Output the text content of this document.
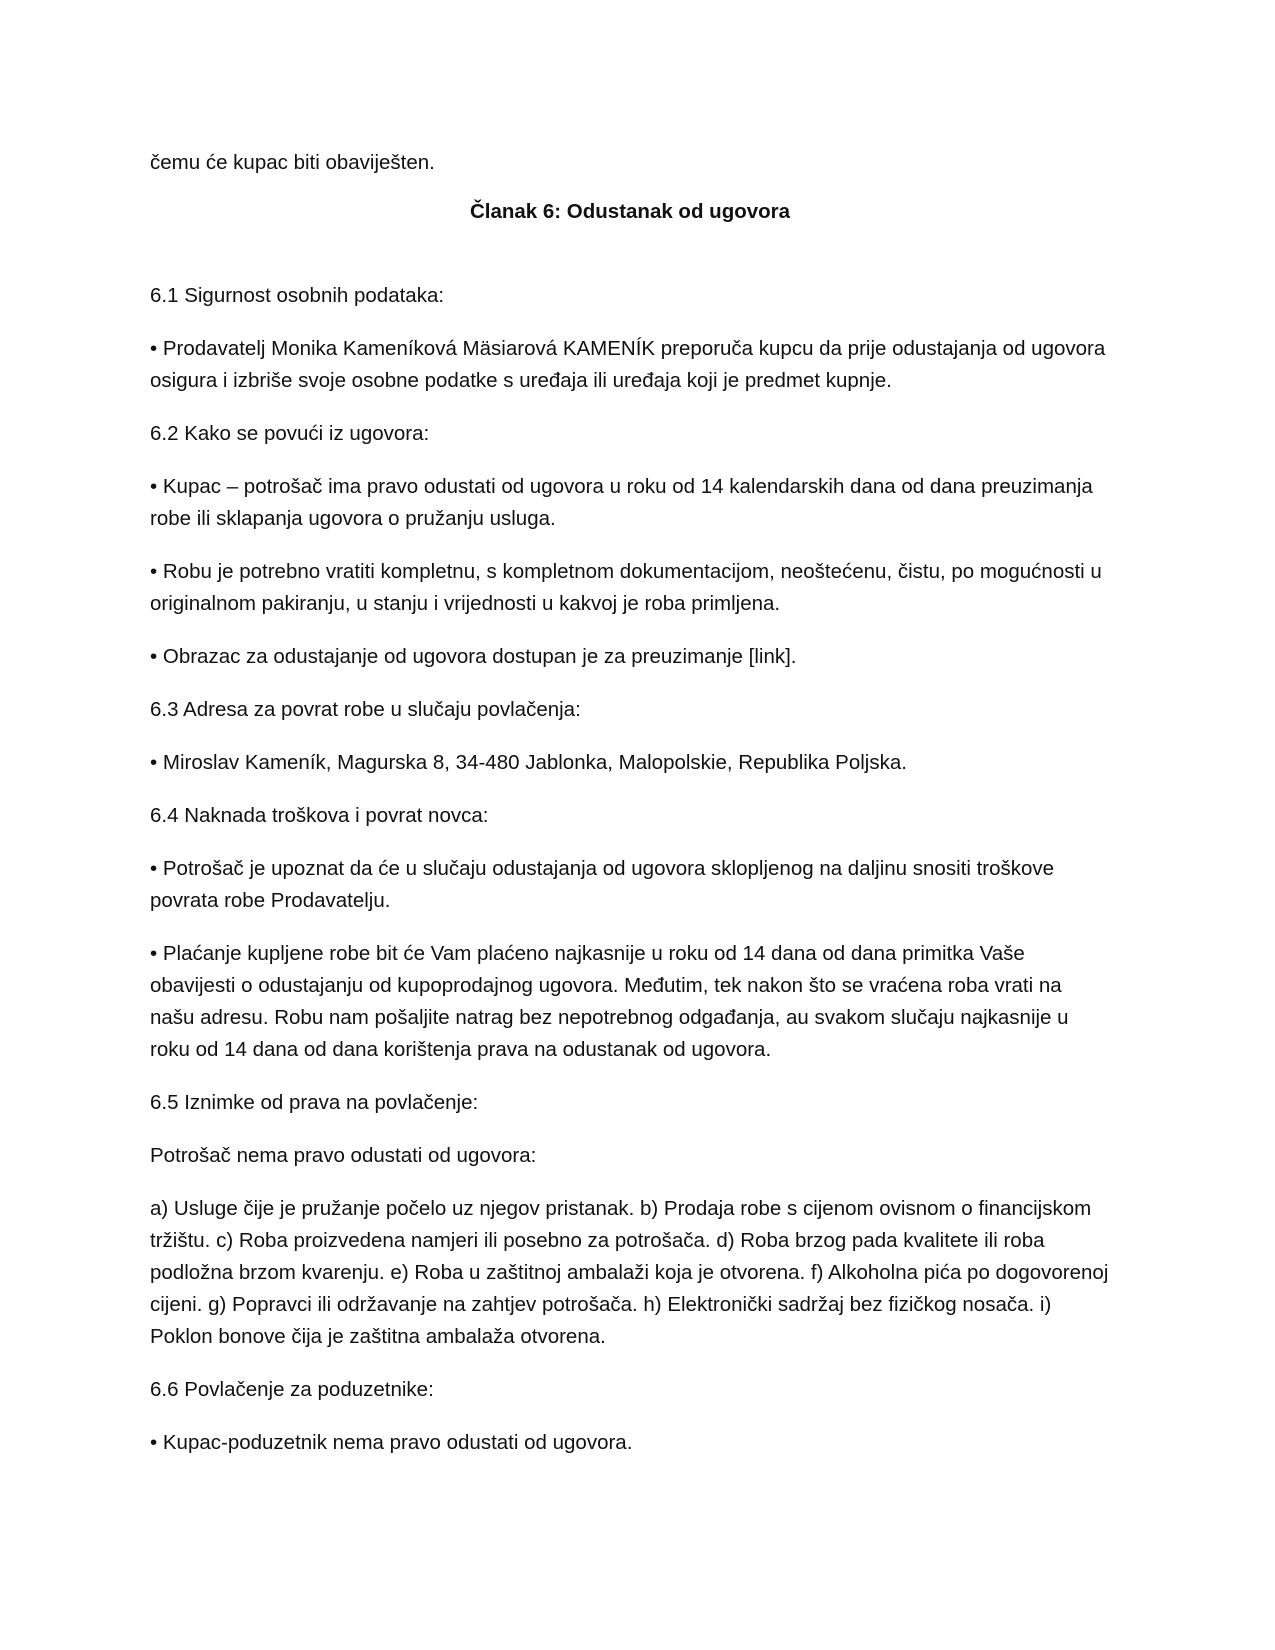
čemu će kupac biti obaviješten.

Članak 6: Odustanak od ugovora

6.1 Sigurnost osobnih podataka:

• Prodavatelj Monika Kameníková Mäsiarová KAMENÍK preporuča kupcu da prije odustajanja od ugovora osigura i izbriše svoje osobne podatke s uređaja ili uređaja koji je predmet kupnje.

6.2 Kako se povući iz ugovora:

• Kupac – potrošač ima pravo odustati od ugovora u roku od 14 kalendarskih dana od dana preuzimanja robe ili sklapanja ugovora o pružanju usluga.

• Robu je potrebno vratiti kompletnu, s kompletnom dokumentacijom, neoštećenu, čistu, po mogućnosti u originalnom pakiranju, u stanju i vrijednosti u kakvoj je roba primljena.

• Obrazac za odustajanje od ugovora dostupan je za preuzimanje [link].

6.3 Adresa za povrat robe u slučaju povlačenja:

• Miroslav Kameník, Magurska 8, 34-480 Jablonka, Malopolskie, Republika Poljska.

6.4 Naknada troškova i povrat novca:

• Potrošač je upoznat da će u slučaju odustajanja od ugovora sklopljenog na daljinu snositi troškove povrata robe Prodavatelju.

• Plaćanje kupljene robe bit će Vam plaćeno najkasnije u roku od 14 dana od dana primitka Vaše obavijesti o odustajanju od kupoprodajnog ugovora. Međutim, tek nakon što se vraćena roba vrati na našu adresu. Robu nam pošaljite natrag bez nepotrebnog odgađanja, au svakom slučaju najkasnije u roku od 14 dana od dana korištenja prava na odustanak od ugovora.

6.5 Iznimke od prava na povlačenje:

Potrošač nema pravo odustati od ugovora:

a) Usluge čije je pružanje počelo uz njegov pristanak. b) Prodaja robe s cijenom ovisnom o financijskom tržištu. c) Roba proizvedena namjeri ili posebno za potrošača. d) Roba brzog pada kvalitete ili roba podložna brzom kvarenju. e) Roba u zaštitnoj ambalaži koja je otvorena. f) Alkoholna pića po dogovorenoj cijeni. g) Popravci ili održavanje na zahtjev potrošača. h) Elektronički sadržaj bez fizičkog nosača. i) Poklon bonove čija je zaštitna ambalaža otvorena.

6.6 Povlačenje za poduzetnike:

• Kupac-poduzetnik nema pravo odustati od ugovora.
